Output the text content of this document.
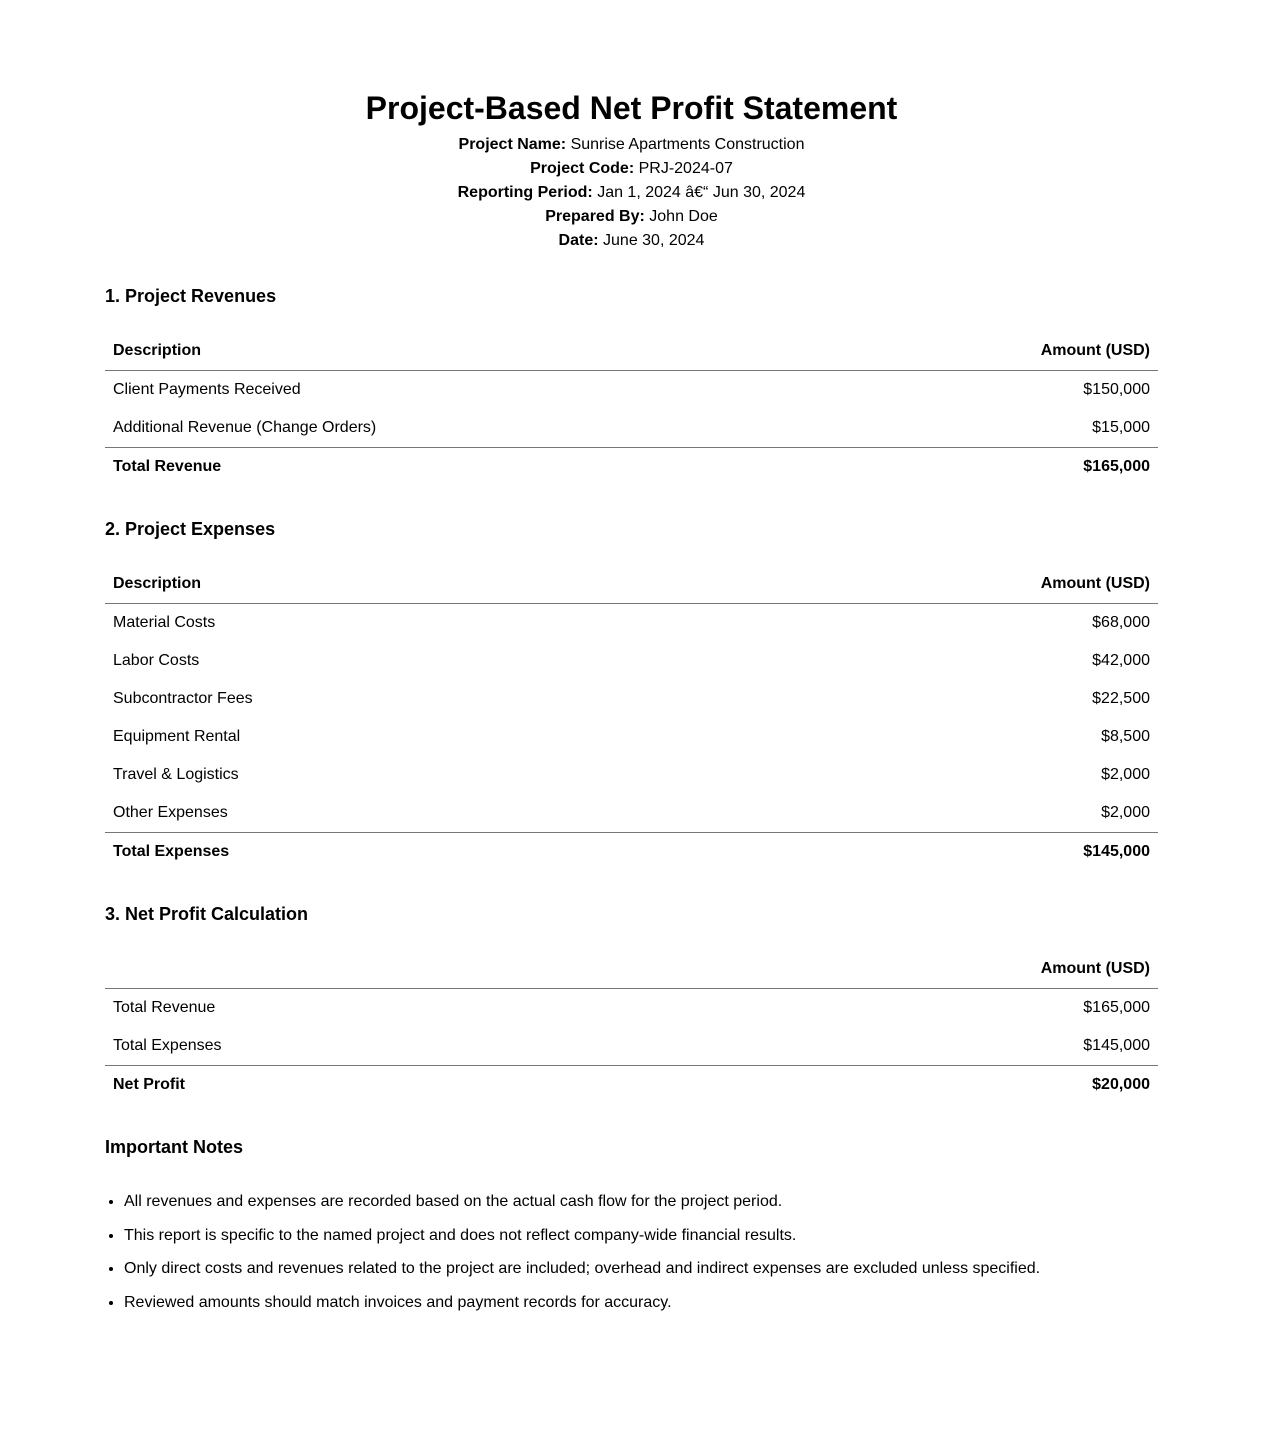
Project-Based Net Profit Statement
Project Name: Sunrise Apartments Construction
Project Code: PRJ-2024-07
Reporting Period: Jan 1, 2024 â€“ Jun 30, 2024
Prepared By: John Doe
Date: June 30, 2024
1. Project Revenues
Description	Amount (USD)
Client Payments Received	$150,000
Additional Revenue (Change Orders)	$15,000
Total Revenue	$165,000
2. Project Expenses
Description	Amount (USD)
Material Costs	$68,000
Labor Costs	$42,000
Subcontractor Fees	$22,500
Equipment Rental	$8,500
Travel & Logistics	$2,000
Other Expenses	$2,000
Total Expenses	$145,000
3. Net Profit Calculation
	Amount (USD)
Total Revenue	$165,000
Total Expenses	$145,000
Net Profit	$20,000
Important Notes
• All revenues and expenses are recorded based on the actual cash flow for the project period.
• This report is specific to the named project and does not reflect company-wide financial results.
• Only direct costs and revenues related to the project are included; overhead and indirect expenses are excluded unless specified.
• Reviewed amounts should match invoices and payment records for accuracy.
